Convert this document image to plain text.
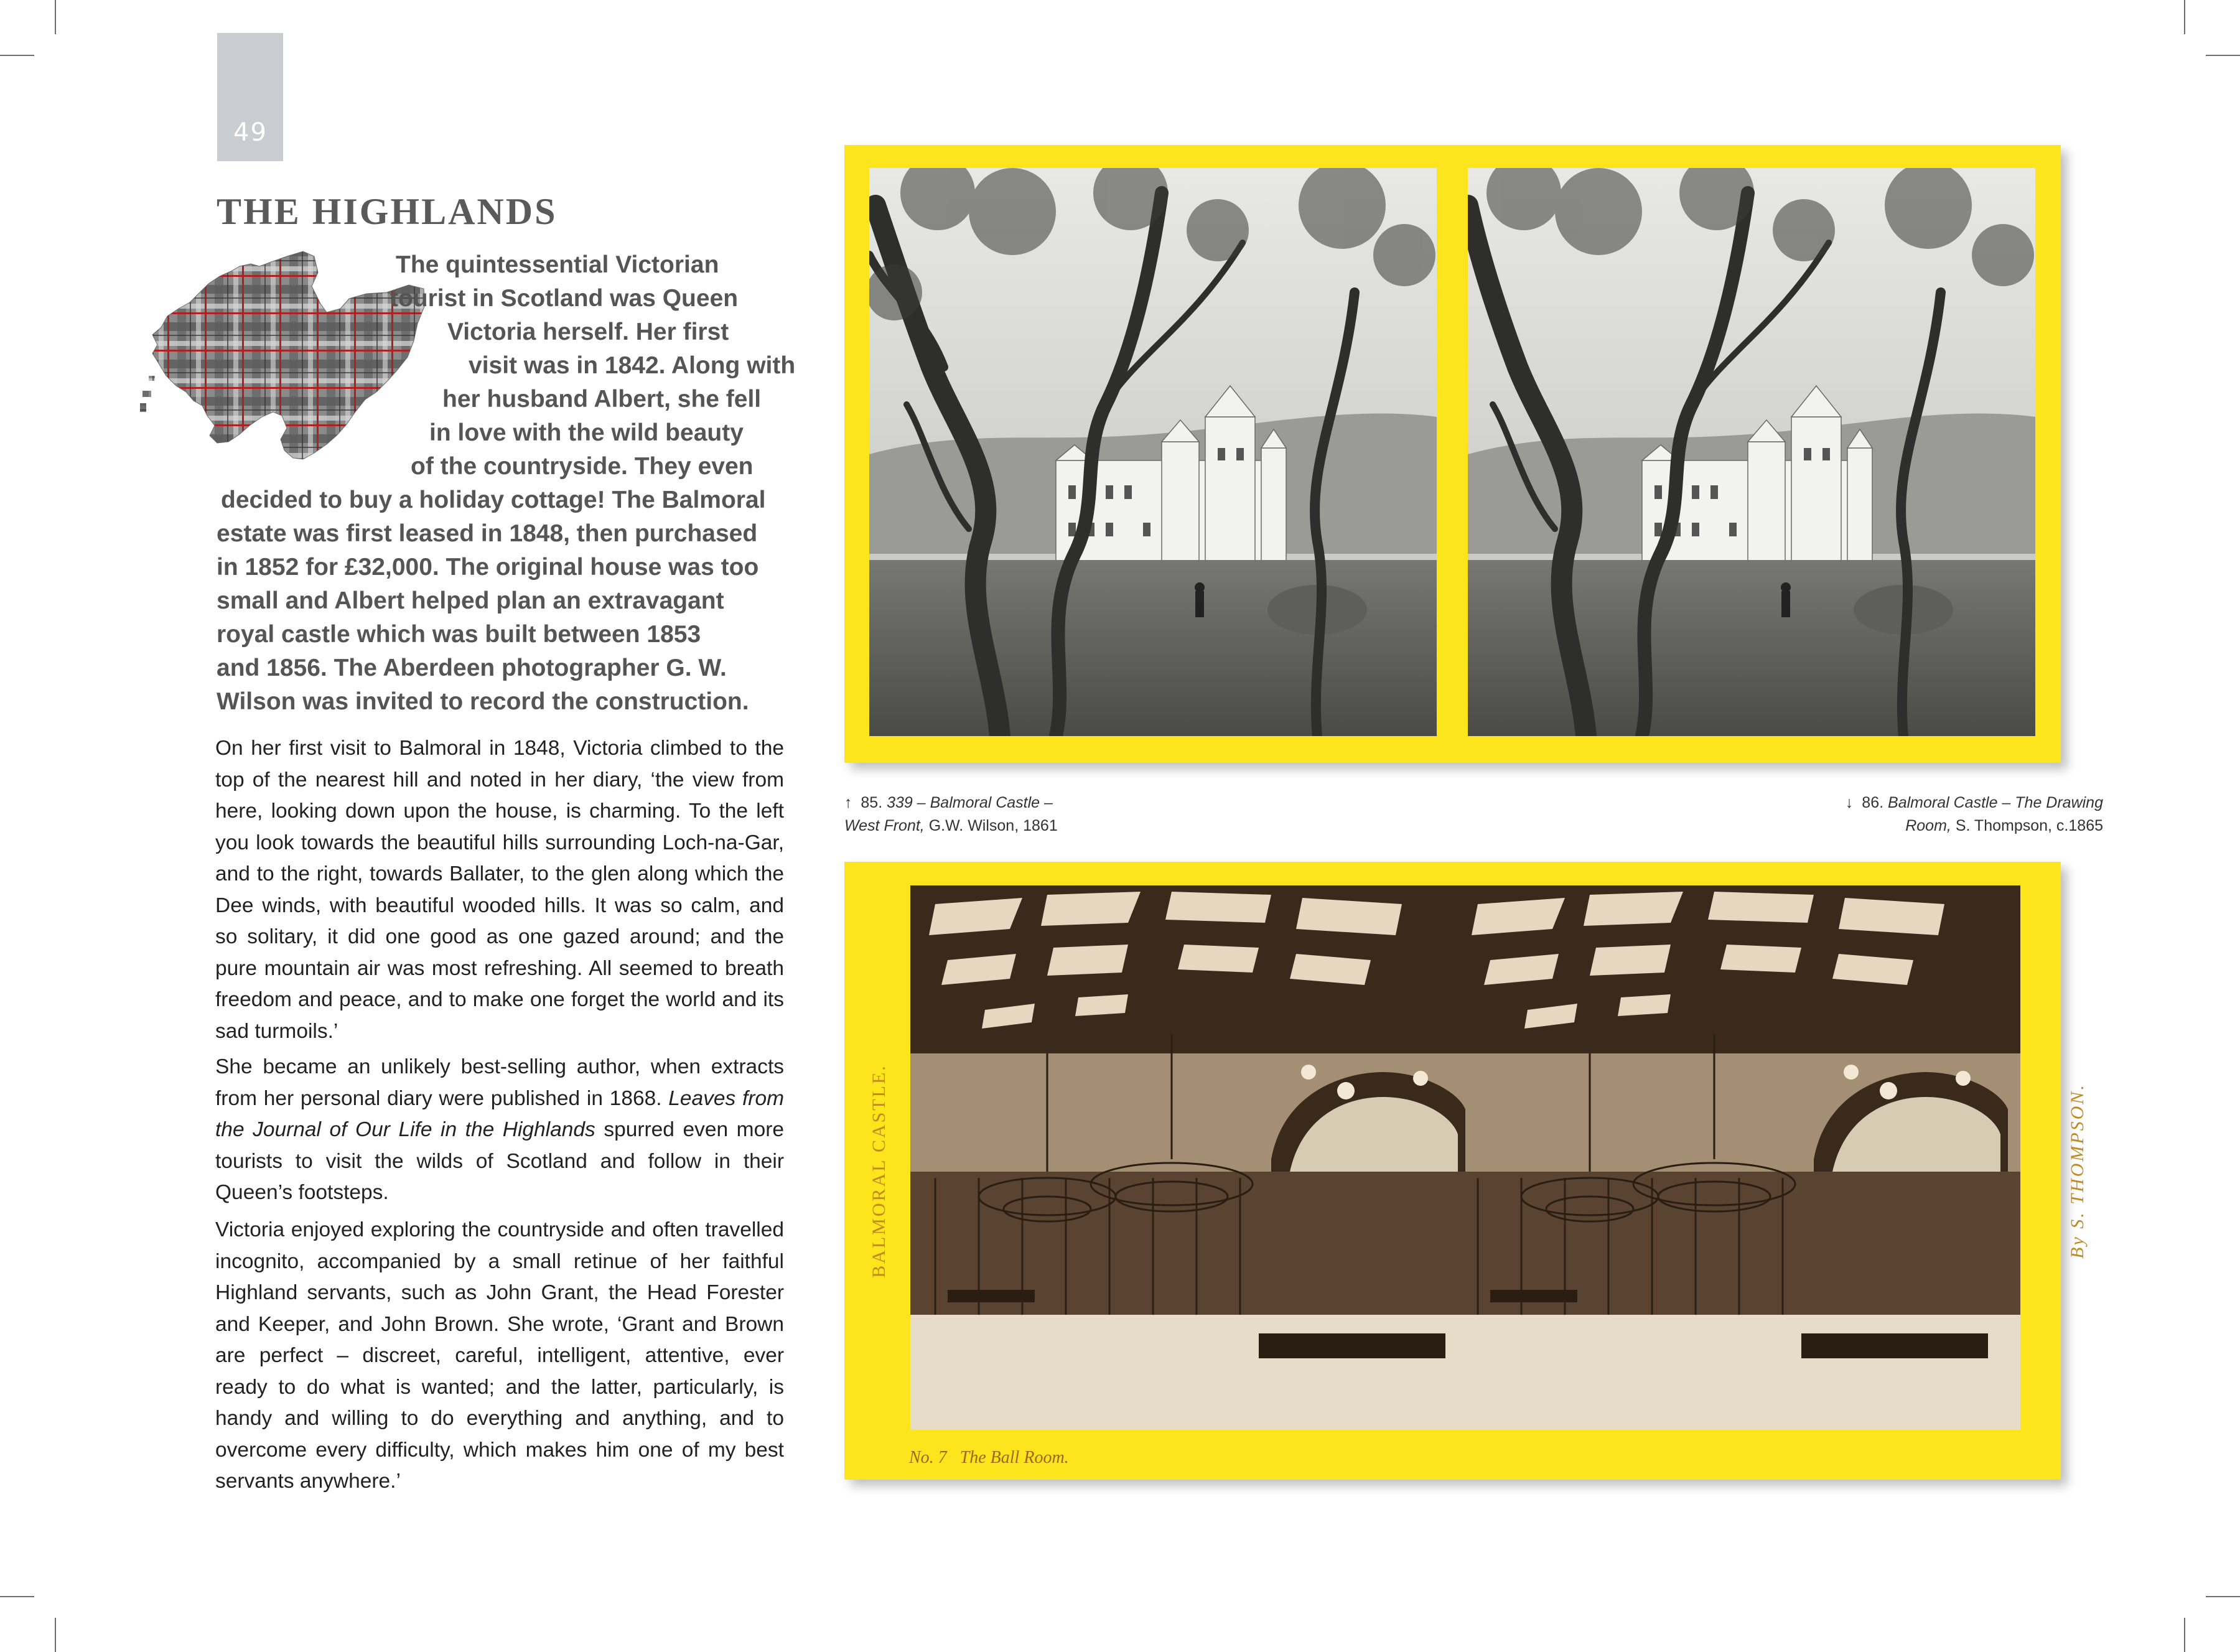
49
THE HIGHLANDS
The quintessential Victorian
tourist in Scotland was Queen
Victoria herself. Her first
visit was in 1842. Along with
her husband Albert, she fell
in love with the wild beauty
of the countryside. They even
decided to buy a holiday cottage! The Balmoral
estate was first leased in 1848, then purchased
in 1852 for £32,000. The original house was too
small and Albert helped plan an extravagant
royal castle which was built between 1853
and 1856. The Aberdeen photographer G. W.
Wilson was invited to record the construction.

On her first visit to Balmoral in 1848, Victoria climbed to the top of the nearest hill and noted in her diary, ‘the view from here, looking down upon the house, is charming. To the left you look towards the beautiful hills surrounding Loch-na-Gar, and to the right, towards Ballater, to the glen along which the Dee winds, with beautiful wooded hills. It was so calm, and so solitary, it did one good as one gazed around; and the pure mountain air was most refreshing. All seemed to breath freedom and peace, and to make one forget the world and its sad turmoils.’

She became an unlikely best-selling author, when extracts from her personal diary were published in 1868. Leaves from the Journal of Our Life in the Highlands spurred even more tourists to visit the wilds of Scotland and follow in their Queen’s footsteps.

Victoria enjoyed exploring the countryside and often travelled incognito, accompanied by a small retinue of her faithful Highland servants, such as John Grant, the Head Forester and Keeper, and John Brown. She wrote, ‘Grant and Brown are perfect – discreet, careful, intelligent, attentive, ever ready to do what is wanted; and the latter, particularly, is handy and willing to do everything and anything, and to overcome every difficulty, which makes him one of my best servants anywhere.’

↑ 85. 339 – Balmoral Castle –
West Front, G.W. Wilson, 1861
↓ 86. Balmoral Castle – The Drawing
Room, S. Thompson, c.1865
BALMORAL CASTLE.	By S. THOMPSON.
No. 7   The Ball Room.
